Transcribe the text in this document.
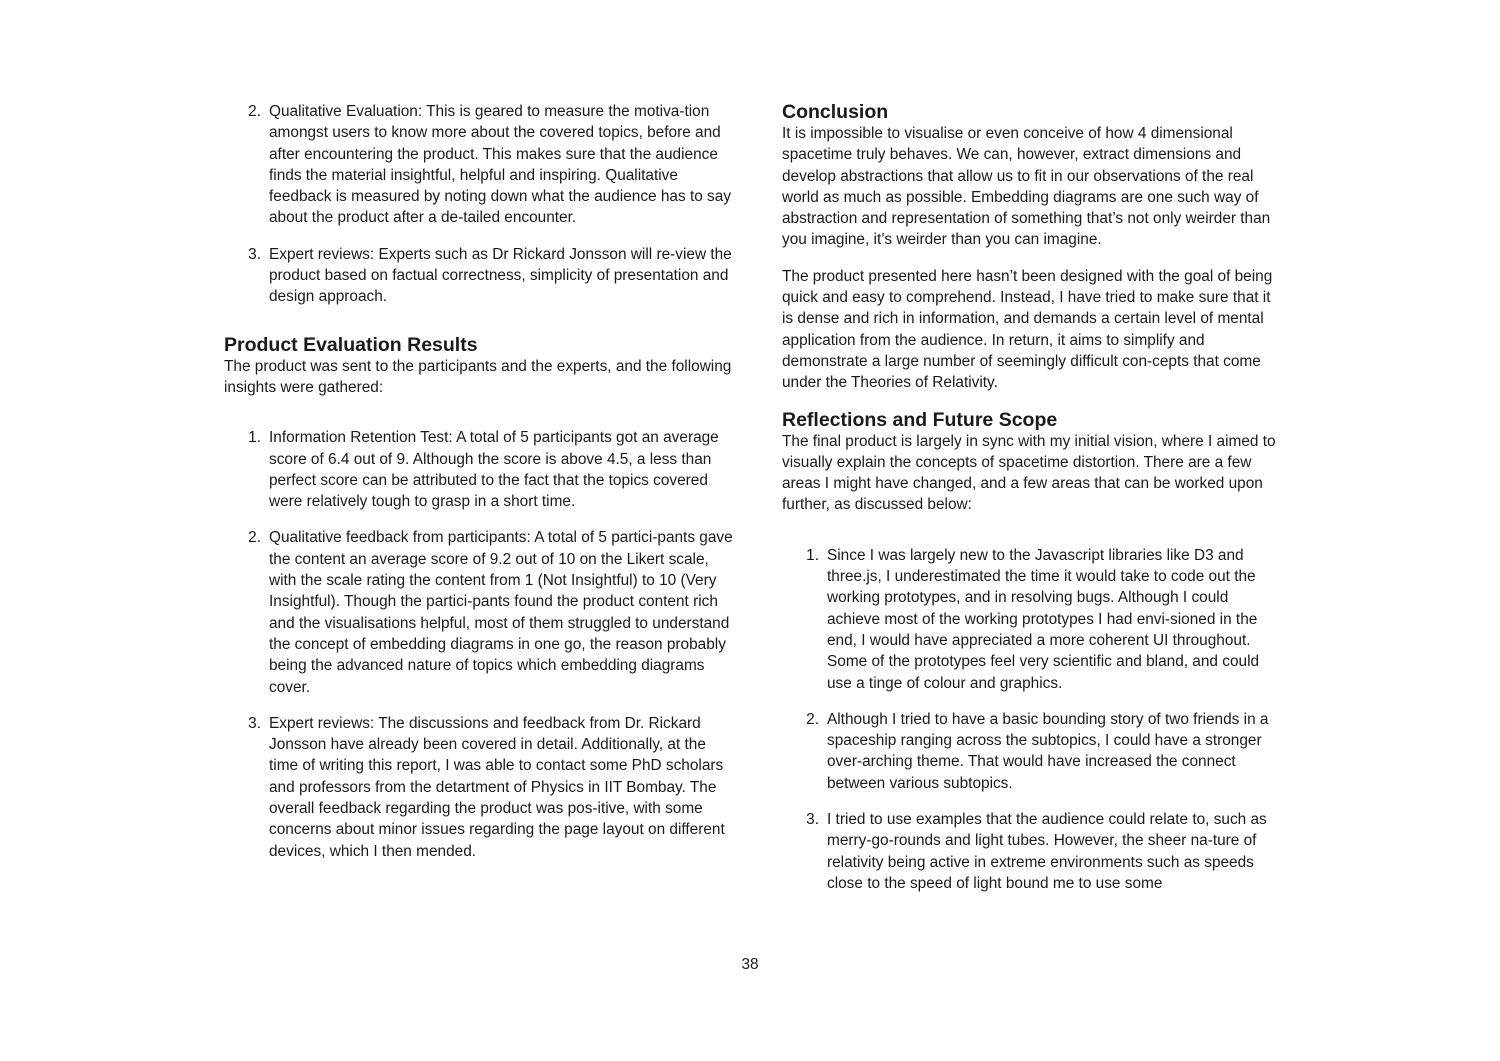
2. Qualitative Evaluation: This is geared to measure the motiva-tion amongst users to know more about the covered topics, before and after encountering the product. This makes sure that the audience finds the material insightful, helpful and inspiring. Qualitative feedback is measured by noting down what the audience has to say about the product after a de-tailed encounter.
3. Expert reviews: Experts such as Dr Rickard Jonsson will re-view the product based on factual correctness, simplicity of presentation and design approach.
Product Evaluation Results

The product was sent to the participants and the experts, and the following insights were gathered:

1. Information Retention Test: A total of 5 participants got an average score of 6.4 out of 9. Although the score is above 4.5, a less than perfect score can be attributed to the fact that the topics covered were relatively tough to grasp in a short time.
2. Qualitative feedback from participants: A total of 5 partici-pants gave the content an average score of 9.2 out of 10 on the Likert scale, with the scale rating the content from 1 (Not Insightful) to 10 (Very Insightful). Though the partici-pants found the product content rich and the visualisations helpful, most of them struggled to understand the concept of embedding diagrams in one go, the reason probably being the advanced nature of topics which embedding diagrams cover.
3. Expert reviews: The discussions and feedback from Dr. Rickard Jonsson have already been covered in detail. Additionally, at the time of writing this report, I was able to contact some PhD scholars and professors from the detartment of Physics in IIT Bombay. The overall feedback regarding the product was pos-itive, with some concerns about minor issues regarding the page layout on different devices, which I then mended.
Conclusion

It is impossible to visualise or even conceive of how 4 dimensional spacetime truly behaves. We can, however, extract dimensions and develop abstractions that allow us to fit in our observations of the real world as much as possible. Embedding diagrams are one such way of abstraction and representation of something that’s not only weirder than you imagine, it’s weirder than you can imagine.

The product presented here hasn’t been designed with the goal of being quick and easy to comprehend. Instead, I have tried to make sure that it is dense and rich in information, and demands a certain level of mental application from the audience. In return, it aims to simplify and demonstrate a large number of seemingly difficult con-cepts that come under the Theories of Relativity.

Reflections and Future Scope

The final product is largely in sync with my initial vision, where I aimed to visually explain the concepts of spacetime distortion. There are a few areas I might have changed, and a few areas that can be worked upon further, as discussed below:

1. Since I was largely new to the Javascript libraries like D3 and three.js, I underestimated the time it would take to code out the working prototypes, and in resolving bugs. Although I could achieve most of the working prototypes I had envi-sioned in the end, I would have appreciated a more coherent UI throughout. Some of the prototypes feel very scientific and bland, and could use a tinge of colour and graphics.
2. Although I tried to have a basic bounding story of two friends in a spaceship ranging across the subtopics, I could have a stronger over-arching theme. That would have increased the connect between various subtopics.
3. I tried to use examples that the audience could relate to, such as merry-go-rounds and light tubes. However, the sheer na-ture of relativity being active in extreme environments such as speeds close to the speed of light bound me to use some
38
